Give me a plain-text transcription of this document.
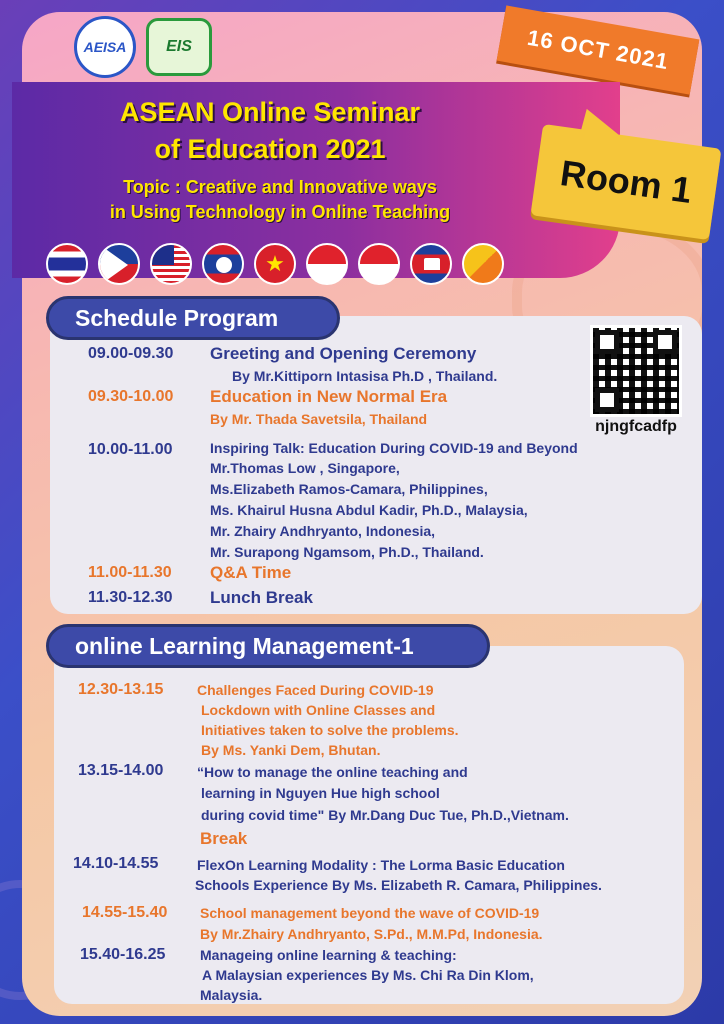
AEISA	EIS	16 OCT 2021
ASEAN Online Seminar
of Education 2021
Topic : Creative and Innovative ways
in Using Technology in Online Teaching
Room 1
★
Schedule Program
njngfcadfp
09.00-09.30 Greeting and Opening Ceremony
By Mr.Kittiporn Intasisa Ph.D , Thailand.
09.30-10.00 Education in New Normal Era
By Mr. Thada Savetsila, Thailand
10.00-11.00	Inspiring Talk: Education During COVID-19 and Beyond
Mr.Thomas Low , Singapore,
Ms.Elizabeth Ramos-Camara, Philippines,
Ms. Khairul Husna Abdul Kadir, Ph.D., Malaysia,
Mr. Zhairy Andhryanto, Indonesia,
Mr. Surapong Ngamsom, Ph.D., Thailand.
11.00-11.30 Q&A Time
11.30-12.30 Lunch Break
online Learning Management-1
12.30-13.15 Challenges Faced During COVID-19
Lockdown with Online Classes and
Initiatives taken to solve the problems.
By Ms. Yanki Dem, Bhutan.
13.15-14.00 “How to manage the online teaching and
learning in Nguyen Hue high school
during covid time" By Mr.Dang Duc Tue, Ph.D.,Vietnam.
Break
14.10-14.55	FlexOn Learning Modality : The Lorma Basic Education
Schools Experience By Ms. Elizabeth R. Camara, Philippines.
14.55-15.40 School management beyond the wave of COVID-19
By Mr.Zhairy Andhryanto, S.Pd., M.M.Pd, Indonesia.
15.40-16.25 Manageing online learning & teaching:
A Malaysian experiences By Ms. Chi Ra Din Klom,
Malaysia.
